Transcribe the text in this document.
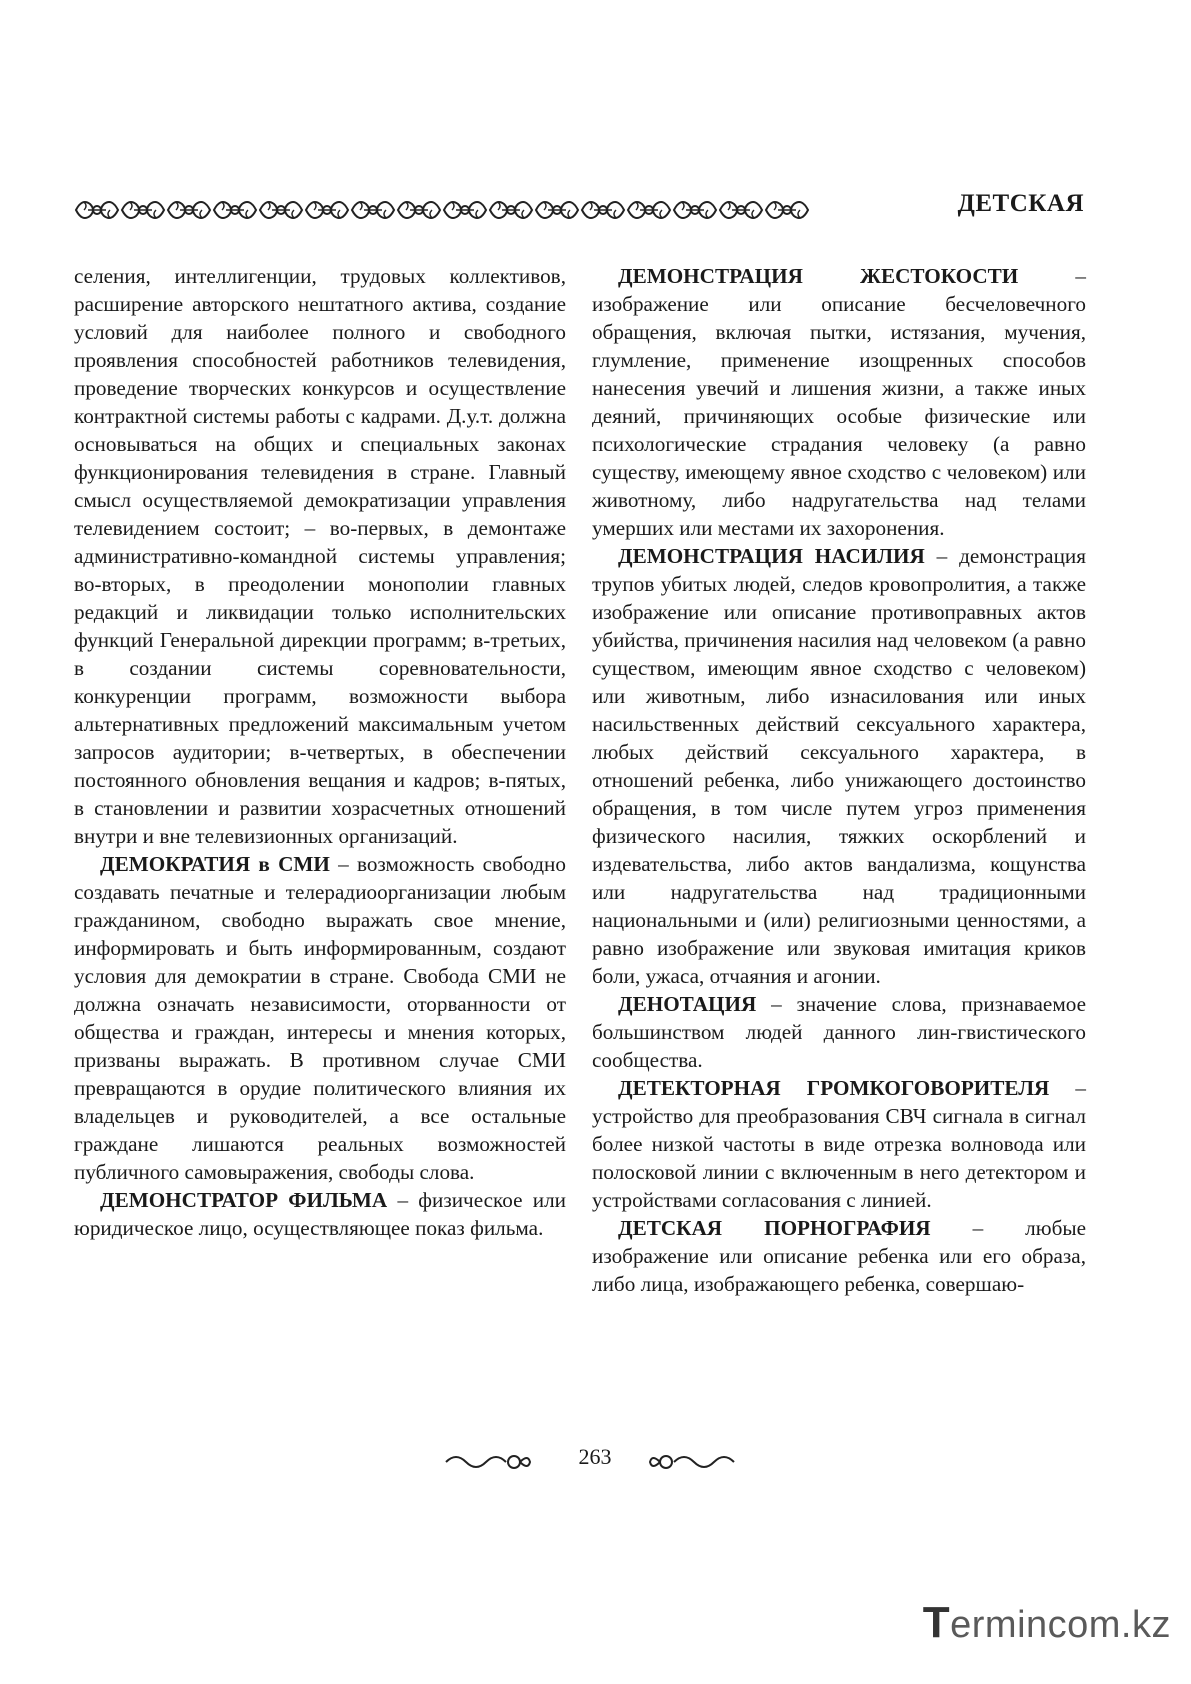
ДЕТСКАЯ

селения, интеллигенции, трудовых коллективов, расширение авторского нештатного актива, создание условий для наиболее полного и свободного проявления способностей работников телевидения, проведение творческих конкурсов и осуществление контрактной системы работы с кадрами. Д.у.т. должна основываться на общих и специальных законах функционирования телевидения в стране. Главный смысл осуществляемой демократизации управления телевидением состоит; – во-первых, в демонтаже административно-командной системы управления; во-вторых, в преодолении монополии главных редакций и ликвидации только исполнительских функций Генеральной дирекции программ; в-третьих, в создании системы соревновательности, конкуренции программ, возможности выбора альтернативных предложений максимальным учетом запросов аудитории; в-четвертых, в обеспечении постоянного обновления вещания и кадров; в-пятых, в становлении и развитии хозрасчетных отношений внутри и вне телевизионных организаций.

ДЕМОКРАТИЯ в СМИ – возможность свободно создавать печатные и телерадиоорганизации любым гражданином, свободно выражать свое мнение, информировать и быть информированным, создают условия для демократии в стране. Свобода СМИ не должна означать независимости, оторванности от общества и граждан, интересы и мнения которых, призваны выражать. В противном случае СМИ превращаются в орудие политического влияния их владельцев и руководителей, а все остальные граждане лишаются реальных возможностей публичного самовыражения, свободы слова.

ДЕМОНСТРАТОР ФИЛЬМА – физическое или юридическое лицо, осуществляющее показ фильма.

ДЕМОНСТРАЦИЯ ЖЕСТОКОСТИ – изображение или описание бесчеловечного обращения, включая пытки, истязания, мучения, глумление, применение изощренных способов нанесения увечий и лишения жизни, а также иных деяний, причиняющих особые физические или психологические страдания человеку (а равно существу, имеющему явное сходство с человеком) или животному, либо надругательства над телами умерших или местами их захоронения.

ДЕМОНСТРАЦИЯ НАСИЛИЯ – демонстрация трупов убитых людей, следов кровопролития, а также изображение или описание противоправных актов убийства, причинения насилия над человеком (а равно существом, имеющим явное сходство с человеком) или животным, либо изнасилования или иных насильственных действий сексуального характера, любых действий сексуального характера, в отношений ребенка, либо унижающего достоинство обращения, в том числе путем угроз применения физического насилия, тяжких оскорблений и издевательства, либо актов вандализма, кощунства или надругательства над традиционными национальными и (или) религиозными ценностями, а равно изображение или звуковая имитация криков боли, ужаса, отчаяния и агонии.

ДЕНОТАЦИЯ – значение слова, признаваемое большинством людей данного лин-гвистического сообщества.

ДЕТЕКТОРНАЯ ГРОМКОГОВОРИТЕЛЯ – устройство для преобразования СВЧ сигнала в сигнал более низкой частоты в виде отрезка волновода или полосковой линии с включенным в него детектором и устройствами согласования с линией.

ДЕТСКАЯ ПОРНОГРАФИЯ – любые изображение или описание ребенка или его образа, либо лица, изображающего ребенка, совершаю-

263
Termincom.kz
